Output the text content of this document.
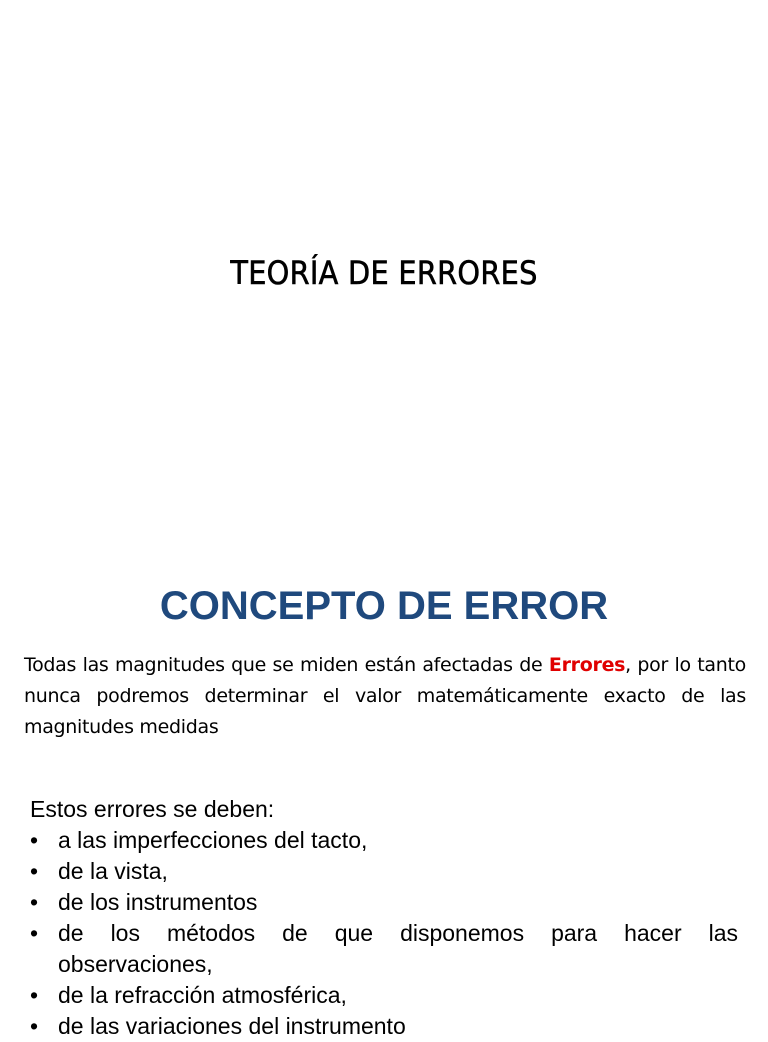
TEORÍA DE ERRORES
CONCEPTO DE ERROR

Todas las magnitudes que se miden están afectadas de Errores, por lo tanto nunca podremos determinar el valor matemáticamente exacto de las magnitudes medidas

Estos errores se deben:

• a las imperfecciones del tacto,
• de la vista,
• de los instrumentos
• de los métodos de que disponemos para hacer las observaciones,
• de la refracción atmosférica,
• de las variaciones del instrumento
